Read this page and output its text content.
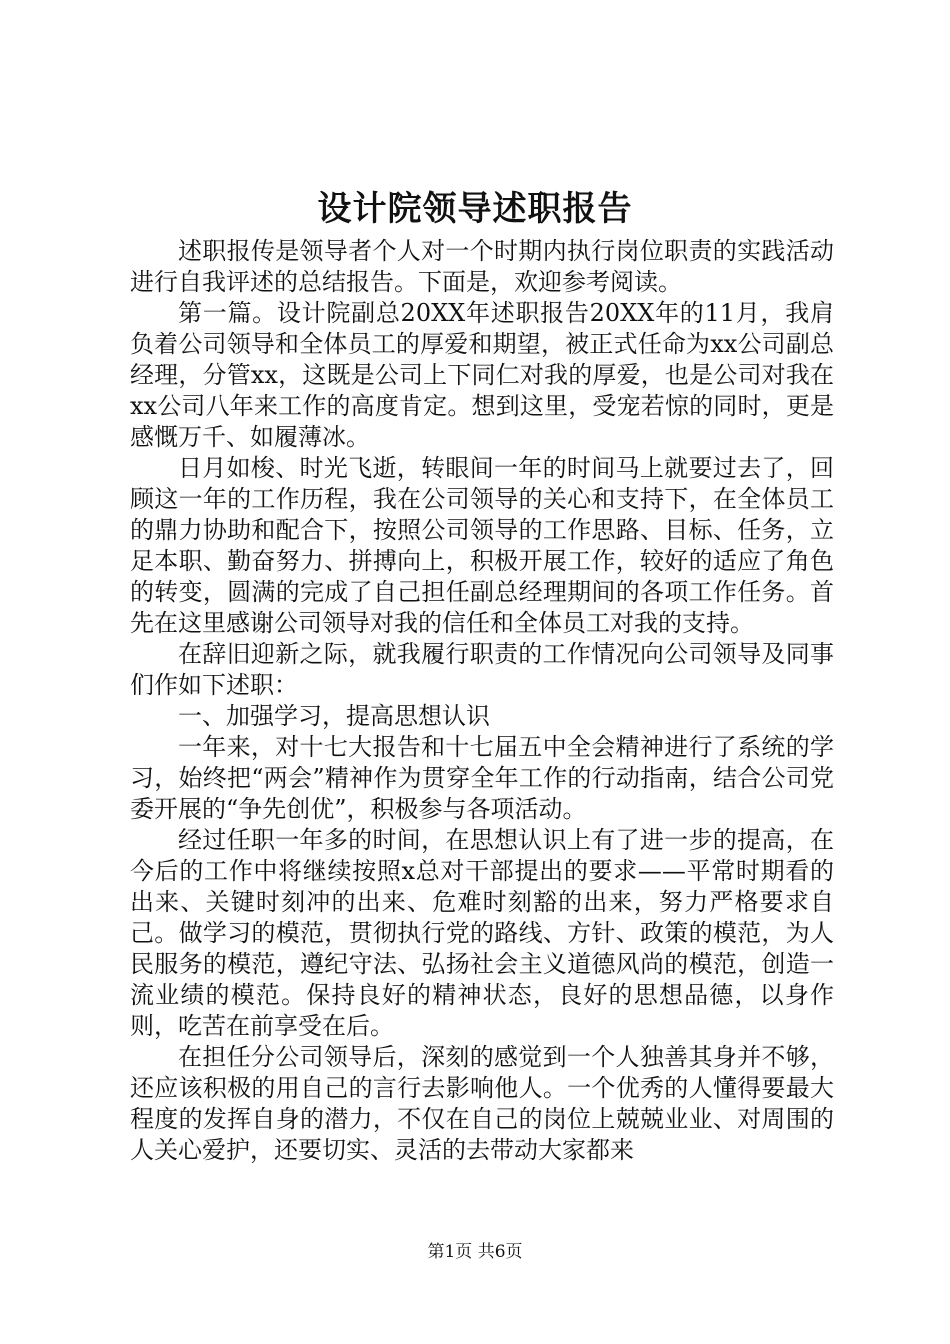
设计院领导述职报告

述职报传是领导者个人对一个时期内执行岗位职责的实践活动进行自我评述的总结报告。下面是，欢迎参考阅读。

第一篇。设计院副总20XX年述职报告20XX年的11月，我肩负着公司领导和全体员工的厚爱和期望，被正式任命为xx公司副总经理，分管xx，这既是公司上下同仁对我的厚爱，也是公司对我在xx公司八年来工作的高度肯定。想到这里，受宠若惊的同时，更是感慨万千、如履薄冰。

日月如梭、时光飞逝，转眼间一年的时间马上就要过去了，回顾这一年的工作历程，我在公司领导的关心和支持下，在全体员工的鼎力协助和配合下，按照公司领导的工作思路、目标、任务，立足本职、勤奋努力、拼搏向上，积极开展工作，较好的适应了角色的转变，圆满的完成了自己担任副总经理期间的各项工作任务。首先在这里感谢公司领导对我的信任和全体员工对我的支持。

在辞旧迎新之际，就我履行职责的工作情况向公司领导及同事们作如下述职：

一、加强学习，提高思想认识

一年来，对十七大报告和十七届五中全会精神进行了系统的学习，始终把“两会”精神作为贯穿全年工作的行动指南，结合公司党委开展的“争先创优”，积极参与各项活动。

经过任职一年多的时间，在思想认识上有了进一步的提高，在今后的工作中将继续按照x总对干部提出的要求——平常时期看的出来、关键时刻冲的出来、危难时刻豁的出来，努力严格要求自己。做学习的模范，贯彻执行党的路线、方针、政策的模范，为人民服务的模范，遵纪守法、弘扬社会主义道德风尚的模范，创造一流业绩的模范。保持良好的精神状态，良好的思想品德，以身作则，吃苦在前享受在后。

在担任分公司领导后，深刻的感觉到一个人独善其身并不够，还应该积极的用自己的言行去影响他人。一个优秀的人懂得要最大程度的发挥自身的潜力，不仅在自己的岗位上兢兢业业、对周围的人关心爱护，还要切实、灵活的去带动大家都来

第1页 共6页
